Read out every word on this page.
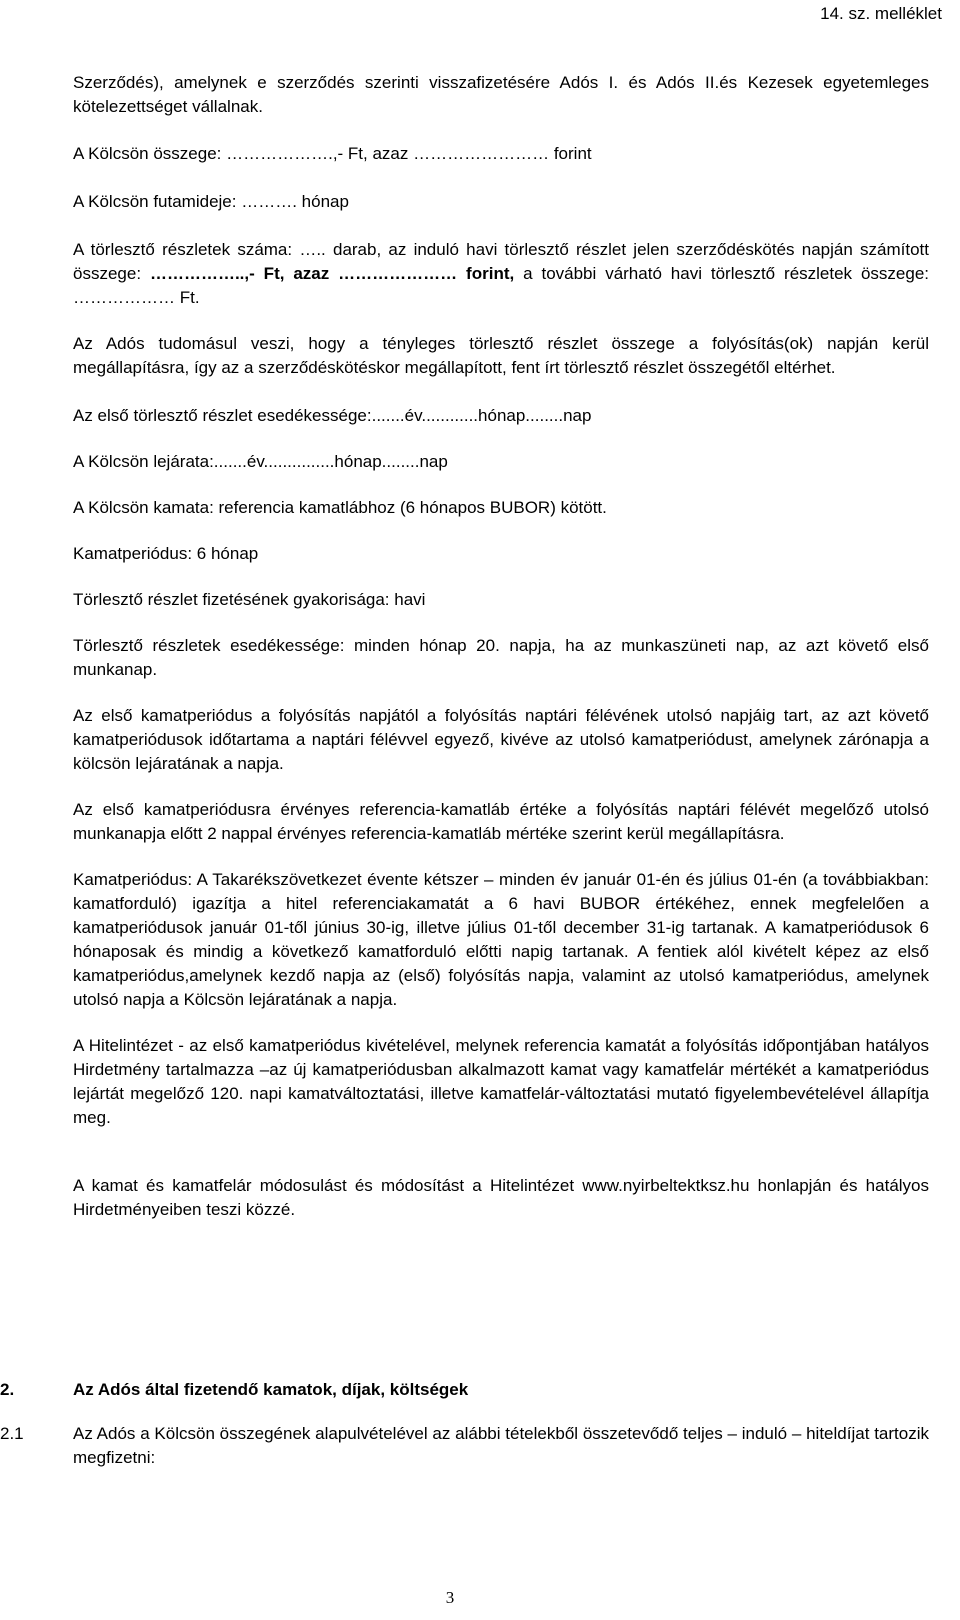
14. sz. melléklet

Szerződés), amelynek e szerződés szerinti visszafizetésére Adós I. és Adós II.és Kezesek egyetemleges kötelezettséget vállalnak.

A Kölcsön összege: ……………….,- Ft, azaz …………………… forint

A Kölcsön futamideje: ………. hónap

A törlesztő részletek száma: ….. darab, az induló havi törlesztő részlet jelen szerződéskötés napján számított összege: ……………..,- Ft, azaz ………………… forint, a további várható havi törlesztő részletek összege: ……………… Ft.

Az Adós tudomásul veszi, hogy a tényleges törlesztő részlet összege a folyósítás(ok) napján kerül megállapításra, így az a szerződéskötéskor megállapított, fent írt törlesztő részlet összegétől eltérhet.

Az első törlesztő részlet esedékessége:.......év............hónap........nap

A Kölcsön lejárata:.......év...............hónap........nap

A Kölcsön kamata: referencia kamatlábhoz (6 hónapos BUBOR) kötött.

Kamatperiódus: 6 hónap

Törlesztő részlet fizetésének gyakorisága: havi

Törlesztő részletek esedékessége: minden hónap 20. napja, ha az munkaszüneti nap, az azt követő első munkanap.

Az első kamatperiódus a folyósítás napjától a folyósítás naptári félévének utolsó napjáig tart, az azt követő kamatperiódusok időtartama a naptári félévvel egyező, kivéve az utolsó kamatperiódust, amelynek zárónapja a kölcsön lejáratának a napja.

Az első kamatperiódusra érvényes referencia-kamatláb értéke a folyósítás naptári félévét megelőző utolsó munkanapja előtt 2 nappal érvényes referencia-kamatláb mértéke szerint kerül megállapításra.

Kamatperiódus: A Takarékszövetkezet évente kétszer – minden év január 01-én és július 01-én (a továbbiakban: kamatforduló) igazítja a hitel referenciakamatát a 6 havi BUBOR értékéhez, ennek megfelelően a kamatperiódusok január 01-től június 30-ig, illetve július 01-től december 31-ig tartanak. A kamatperiódusok 6 hónaposak és mindig a következő kamatforduló előtti napig tartanak. A fentiek alól kivételt képez az első kamatperiódus,amelynek kezdő napja az (első) folyósítás napja, valamint az utolsó kamatperiódus, amelynek utolsó napja a Kölcsön lejáratának a napja.

A Hitelintézet - az első kamatperiódus kivételével, melynek referencia kamatát a folyósítás időpontjában hatályos Hirdetmény tartalmazza –az új kamatperiódusban alkalmazott kamat vagy kamatfelár mértékét a kamatperiódus lejártát megelőző 120. napi kamatváltoztatási, illetve kamatfelár-változtatási mutató figyelembevételével állapítja meg.

A kamat és kamatfelár módosulást és módosítást a Hitelintézet www.nyirbeltektksz.hu honlapján és hatályos Hirdetményeiben teszi közzé.

2.	Az Adós által fizetendő kamatok, díjak, költségek
2.1	Az Adós a Kölcsön összegének alapulvételével az alábbi tételekből összetevődő teljes – induló – hiteldíjat tartozik megfizetni:
3
